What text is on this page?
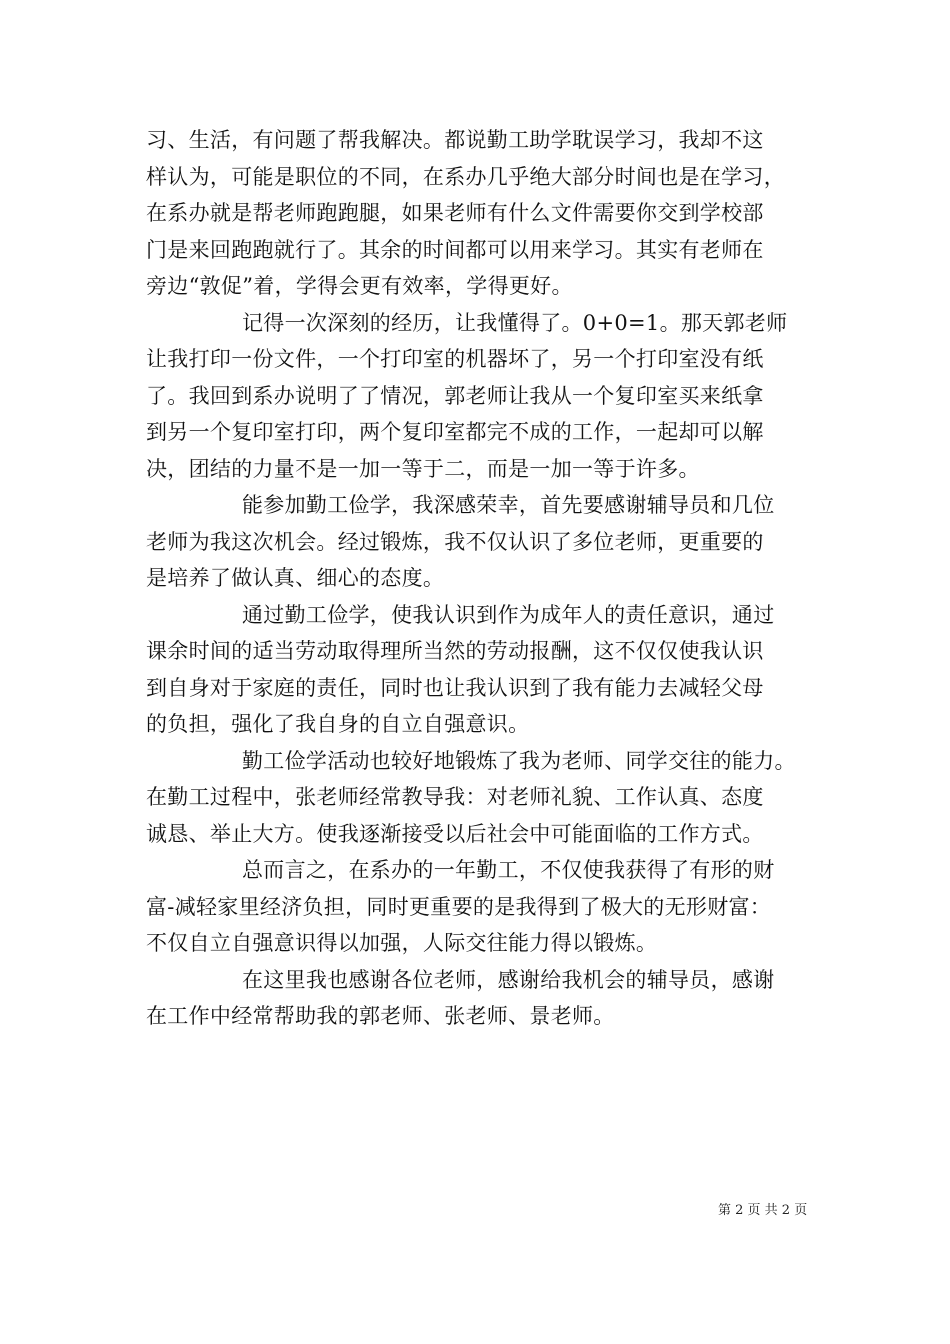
习、生活，有问题了帮我解决。都说勤工助学耽误学习，我却不这
样认为，可能是职位的不同，在系办几乎绝大部分时间也是在学习，
在系办就是帮老师跑跑腿，如果老师有什么文件需要你交到学校部
门是来回跑跑就行了。其余的时间都可以用来学习。其实有老师在
旁边“敦促”着，学得会更有效率，学得更好。
记得一次深刻的经历，让我懂得了。0+0=1。那天郭老师
让我打印一份文件，一个打印室的机器坏了，另一个打印室没有纸
了。我回到系办说明了了情况，郭老师让我从一个复印室买来纸拿
到另一个复印室打印，两个复印室都完不成的工作，一起却可以解
决，团结的力量不是一加一等于二，而是一加一等于许多。
能参加勤工俭学，我深感荣幸，首先要感谢辅导员和几位
老师为我这次机会。经过锻炼，我不仅认识了多位老师，更重要的
是培养了做认真、细心的态度。
通过勤工俭学，使我认识到作为成年人的责任意识，通过
课余时间的适当劳动取得理所当然的劳动报酬，这不仅仅使我认识
到自身对于家庭的责任，同时也让我认识到了我有能力去减轻父母
的负担，强化了我自身的自立自强意识。
勤工俭学活动也较好地锻炼了我为老师、同学交往的能力。
在勤工过程中，张老师经常教导我：对老师礼貌、工作认真、态度
诚恳、举止大方。使我逐渐接受以后社会中可能面临的工作方式。
总而言之，在系办的一年勤工，不仅使我获得了有形的财
富-减轻家里经济负担，同时更重要的是我得到了极大的无形财富：
不仅自立自强意识得以加强，人际交往能力得以锻炼。
在这里我也感谢各位老师，感谢给我机会的辅导员，感谢
在工作中经常帮助我的郭老师、张老师、景老师。
第 2 页 共 2 页
